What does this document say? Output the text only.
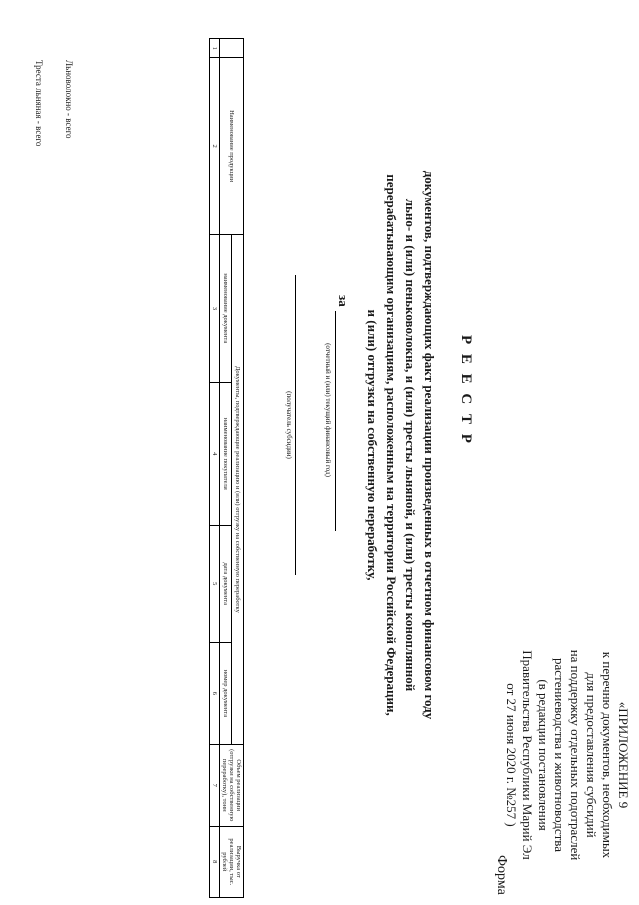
«ПРИЛОЖЕНИЕ 9
к перечню документов, необходимых
для предоставления субсидий
на поддержку отдельных подотраслей
растениеводства и животноводства
(в редакции постановления
Правительства Республики Марий Эл
от 27 июня 2020 г. №257 )
Форма
Р Е Е С Т Р
документов, подтверждающих факт реализации произведенных в отчетном финансовом году
льно- и (или) пеньковолокна, и (или) тресты льняной, и (или) тресты коноплянной
перерабатывающим организациям, расположенным на территории Российской Федерации,
и (или) отгрузки на собственную переработку,
за
(отчетный и (или) текущий финансовый год)
(получатель субсидии)
	Наименование продукции	Документы, подтверждающие реализацию и (или) отгрузку на собственную переработку				Объем реализации (отгрузки на собственную переработку), тонн	Выручка от реализации, тыс. рублей
		наименование документа	наименование покупателя	дата документа	номер документа		
1	2	3	4	5	6	7	8
Льноволокно - всего
Треста льняная - всего
